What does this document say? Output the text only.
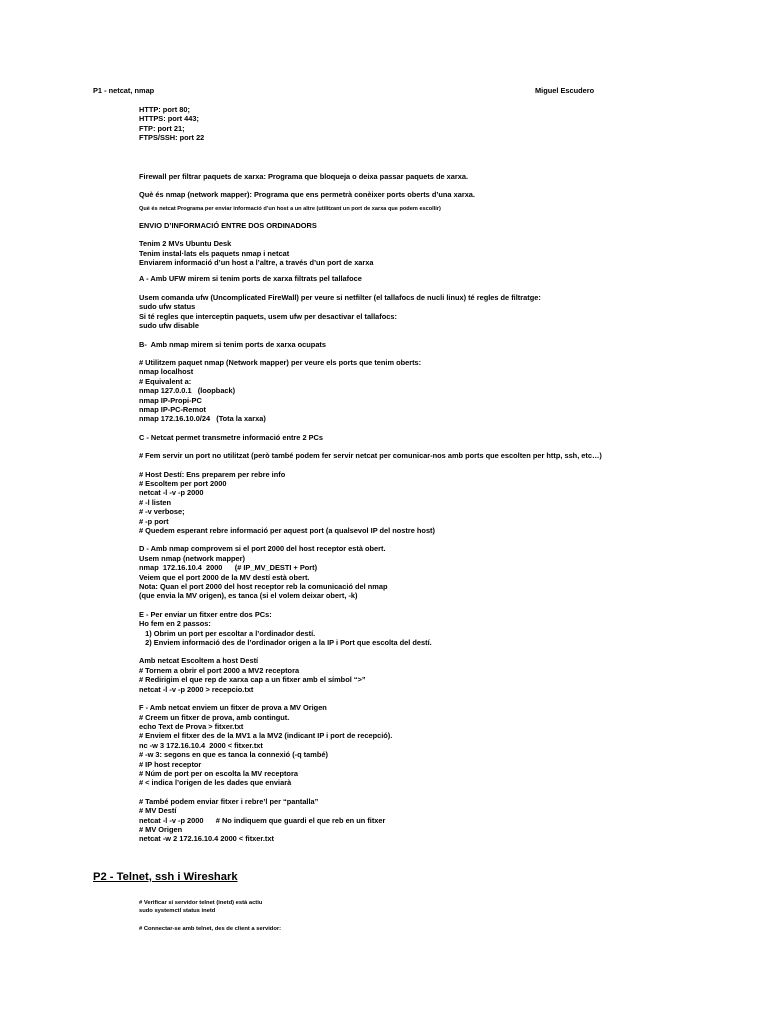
P1 - netcat, nmap	Miguel Escudero
HTTP: port 80;
HTTPS: port 443;
FTP: port 21;
FTPS/SSH: port 22
Firewall per filtrar paquets de xarxa: Programa que bloqueja o deixa passar paquets de xarxa.
Què és nmap (network mapper): Programa que ens permetrà conèixer ports oberts d’una xarxa.
Què és netcat Programa per enviar informació d’un host a un altre (utilitzant un port de xarxa que podem escollir)
ENVIO D’INFORMACIÓ ENTRE DOS ORDINADORS
Tenim 2 MVs Ubuntu Desk
Tenim instal·lats els paquets nmap i netcat
Enviarem informació d’un host a l’altre, a través d’un port de xarxa
A - Amb UFW mirem si tenim ports de xarxa filtrats pel tallafoce
Usem comanda ufw (Uncomplicated FireWall) per veure si netfilter (el tallafocs de nucli linux) té regles de filtratge:
sudo ufw status
Si té regles que interceptin paquets, usem ufw per desactivar el tallafocs:
sudo ufw disable
B-  Amb nmap mirem si tenim ports de xarxa ocupats
# Utilitzem paquet nmap (Network mapper) per veure els ports que tenim oberts:
nmap localhost
# Equivalent a:
nmap 127.0.0.1   (loopback)
nmap IP-Propi-PC
nmap IP-PC-Remot
nmap 172.16.10.0/24   (Tota la xarxa)
C - Netcat permet transmetre informació entre 2 PCs
# Fem servir un port no utilitzat (però també podem fer servir netcat per comunicar-nos amb ports que escolten per http, ssh, etc…)
# Host Destí: Ens preparem per rebre info
# Escoltem per port 2000
netcat -l -v -p 2000
# -l listen
# -v verbose;
# -p port
# Quedem esperant rebre informació per aquest port (a qualsevol IP del nostre host)
D - Amb nmap comprovem si el port 2000 del host receptor està obert.
Usem nmap (network mapper)
nmap  172.16.10.4  2000      (# IP_MV_DESTI + Port)
Veiem que el port 2000 de la MV destí està obert.
Nota: Quan el port 2000 del host receptor reb la comunicació del nmap
(que envia la MV origen), es tanca (si el volem deixar obert, -k)
E - Per enviar un fitxer entre dos PCs:
Ho fem en 2 passos:
1) Obrim un port per escoltar a l’ordinador destí.
2) Enviem informació des de l’ordinador origen a la IP i Port que escolta del destí.
Amb netcat Escoltem a host Destí
# Tornem a obrir el port 2000 a MV2 receptora
# Redirigim el que rep de xarxa cap a un fitxer amb el símbol “>”
netcat -l -v -p 2000 > recepcio.txt
F - Amb netcat enviem un fitxer de prova a MV Origen
# Creem un fitxer de prova, amb contingut.
echo Text de Prova > fitxer.txt
# Enviem el fitxer des de la MV1 a la MV2 (indicant IP i port de recepció).
nc -w 3 172.16.10.4  2000 < fitxer.txt
# -w 3: segons en que es tanca la connexió (-q també)
# IP host receptor
# Núm de port per on escolta la MV receptora
# < indica l’origen de les dades que enviarà
# També podem enviar fitxer i rebre’l per “pantalla”
# MV Destí
netcat -l -v -p 2000      # No indiquem que guardi el que reb en un fitxer
# MV Origen
netcat -w 2 172.16.10.4 2000 < fitxer.txt
P2 - Telnet, ssh i Wireshark
# Verificar si servidor telnet (inetd) està actiu
sudo systemctl status inetd
# Connectar-se amb telnet, des de client a servidor:
